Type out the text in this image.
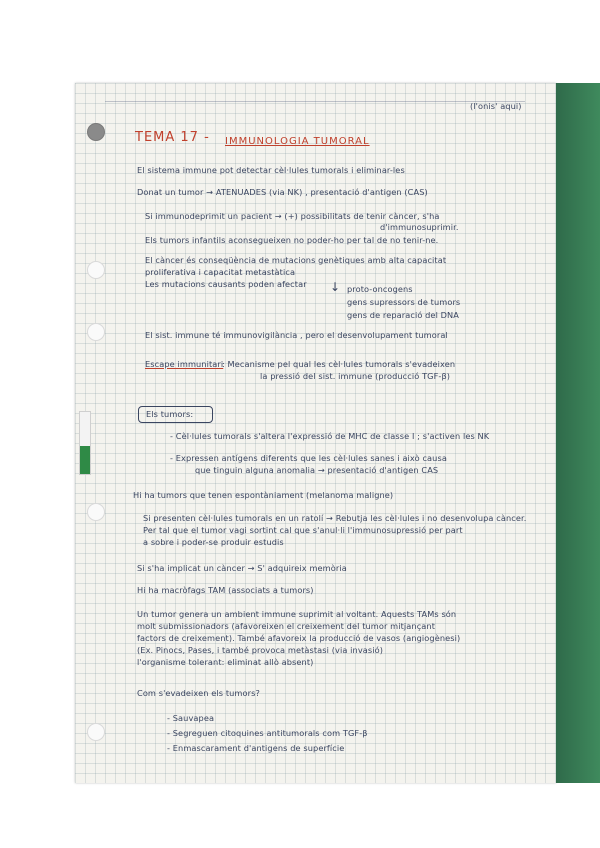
(l'onis' aqui)

TEMA 17 - IMMUNOLOGIA TUMORAL

El sistema immune pot detectar cèl·lules tumorals i eliminar-les

Donat un tumor → ATENUADES (via NK) , presentació d'antigen (CAS)

Si immunodeprimit un pacient → (+) possibilitats de tenir càncer, s'ha

d'immunosuprimir.

Els tumors infantils aconsegueixen no poder-ho per tal de no tenir-ne.

El càncer és conseqüència de mutacions genètiques amb alta capacitat

proliferativa i capacitat metastàtica

Les mutacions causants poden afectar ↓ proto-oncogens

gens supressors de tumors

gens de reparació del DNA

El sist. immune té immunovigilància , pero el desenvolupament tumoral

Escape immunitari

: Mecanisme pel qual les cèl·lules tumorals s'evadeixen

la pressió del sist. immune (producció TGF-β)

Els tumors:

- Cèl·lules tumorals s'altera l'expressió de MHC de classe I ; s'activen les NK

- Expressen antígens diferents que les cèl·lules sanes i això causa

que tinguin alguna anomalia → presentació d'antigen CAS

Hi ha tumors que tenen espontàniament (melanoma maligne)

Si presenten cèl·lules tumorals en un ratolí → Rebutja les cèl·lules i no desenvolupa càncer.

Per tal que el tumor vagi sortint cal que s'anul·li l'immunosupressió per part

a sobre i poder-se produir estudis

Si s'ha implicat un càncer → S' adquireix memòria

Hi ha macròfags TAM (associats a tumors)

Un tumor genera un ambient immune suprimit al voltant. Aquests TAMs són

molt submissionadors (afavoreixen el creixement del tumor mitjançant

factors de creixement). També afavoreix la producció de vasos (angiogènesi)

(Ex. Pinocs, Pases, i també provoca metàstasi (via invasió)

l'organisme tolerant: eliminat allò absent)

Com s'evadeixen els tumors?

- Sauvapea

- Segreguen citoquines antitumorals com TGF-β

- Enmascarament d'antigens de superfície
